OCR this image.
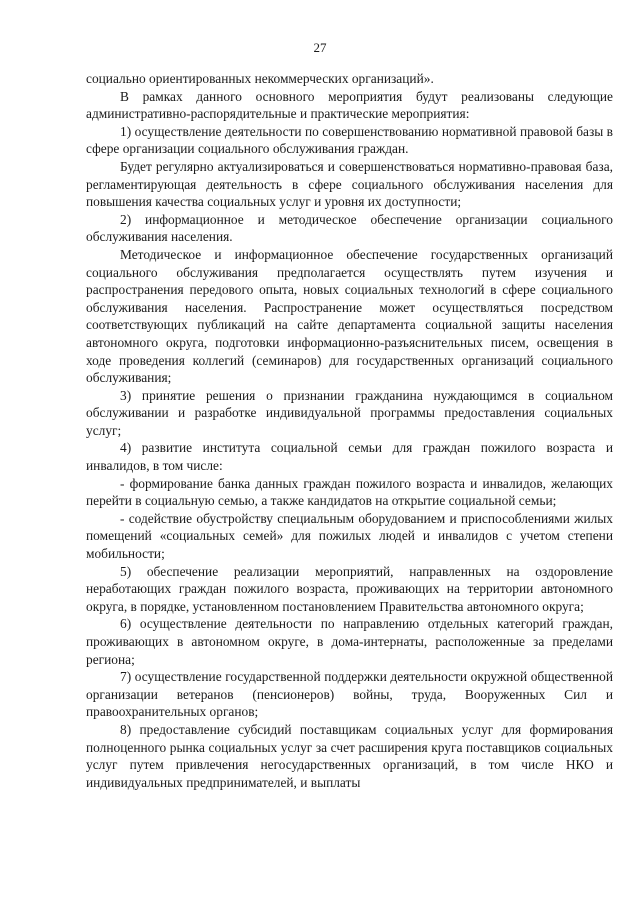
27

социально ориентированных некоммерческих организаций».

В рамках данного основного мероприятия будут реализованы следующие административно-распорядительные и практические мероприятия:

1) осуществление деятельности по совершенствованию нормативной правовой базы в сфере организации социального обслуживания граждан.

Будет регулярно актуализироваться и совершенствоваться нормативно-правовая база, регламентирующая деятельность в сфере социального обслуживания населения для повышения качества социальных услуг и уровня их доступности;

2) информационное и методическое обеспечение организации социального обслуживания населения.

Методическое и информационное обеспечение государственных организаций социального обслуживания предполагается осуществлять путем изучения и распространения передового опыта, новых социальных технологий в сфере социального обслуживания населения. Распространение может осуществляться посредством соответствующих публикаций на сайте департамента социальной защиты населения автономного округа, подготовки информационно-разъяснительных писем, освещения в ходе проведения коллегий (семинаров) для государственных организаций социального обслуживания;

3) принятие решения о признании гражданина нуждающимся в социальном обслуживании и разработке индивидуальной программы предоставления социальных услуг;

4) развитие института социальной семьи для граждан пожилого возраста и инвалидов, в том числе:

- формирование банка данных граждан пожилого возраста и инвалидов, желающих перейти в социальную семью, а также кандидатов на открытие социальной семьи;

- содействие обустройству специальным оборудованием и приспособлениями жилых помещений «социальных семей» для пожилых людей и инвалидов с учетом степени мобильности;

5) обеспечение реализации мероприятий, направленных на оздоровление неработающих граждан пожилого возраста, проживающих на территории автономного округа, в порядке, установленном постановлением Правительства автономного округа;

6) осуществление деятельности по направлению отдельных категорий граждан, проживающих в автономном округе, в дома-интернаты, расположенные за пределами региона;

7) осуществление государственной поддержки деятельности окружной общественной организации ветеранов (пенсионеров) войны, труда, Вооруженных Сил и правоохранительных органов;

8) предоставление субсидий поставщикам социальных услуг для формирования полноценного рынка социальных услуг за счет расширения круга поставщиков социальных услуг путем привлечения негосударственных организаций, в том числе НКО и индивидуальных предпринимателей, и выплаты
